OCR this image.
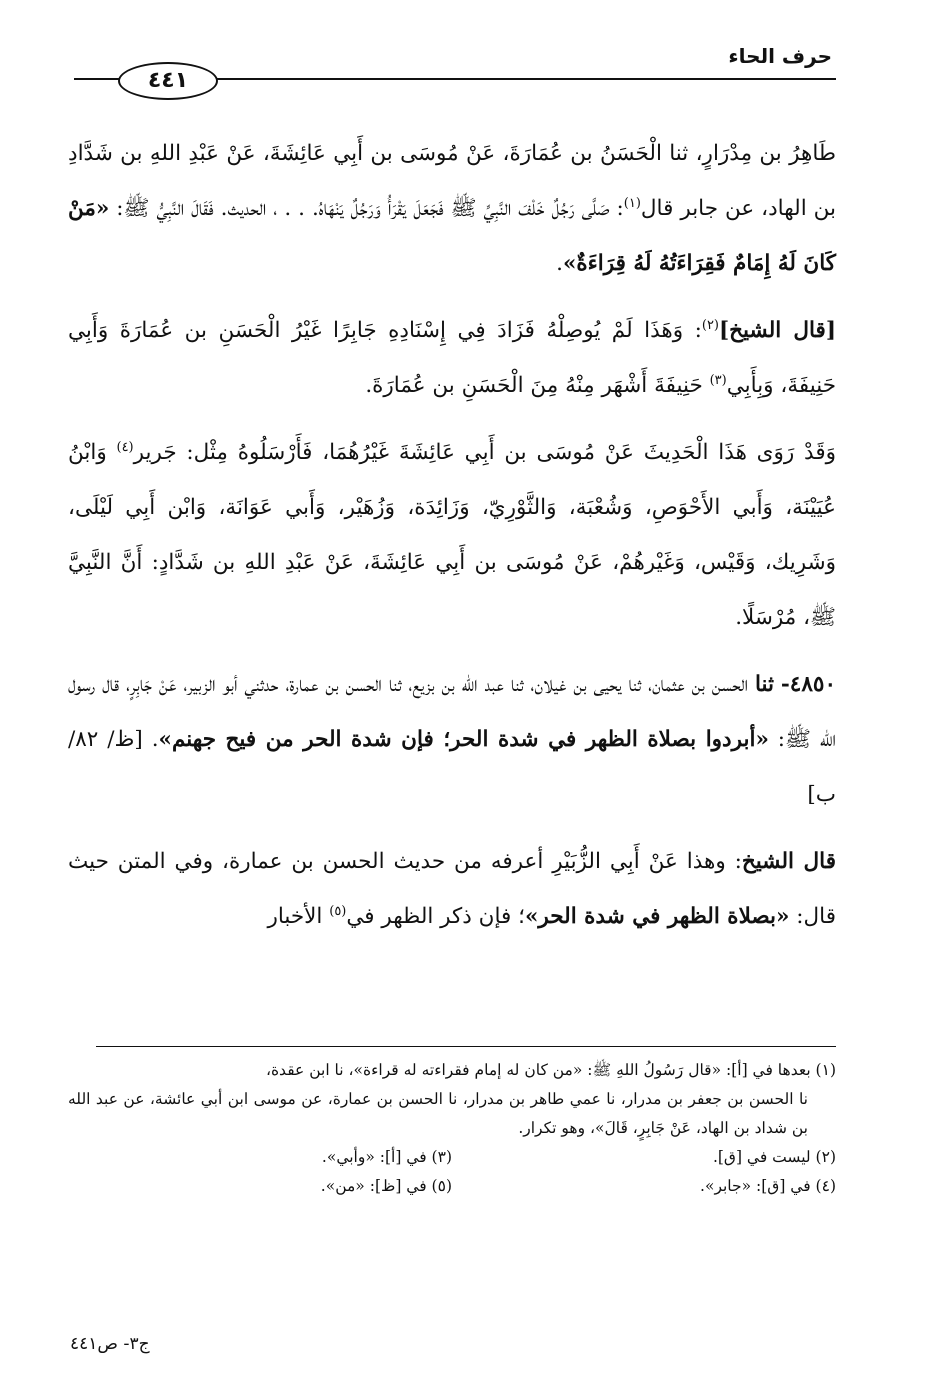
حرف الحاء
٤٤١

طَاهِرُ بن مِدْرَارٍ، ثنا الْحَسَنُ بن عُمَارَةَ، عَنْ مُوسَى بن أَبِي عَائِشَةَ، عَنْ عَبْدِ اللهِ بن شَدَّادِ بن الهاد، عن جابر قال$^{(١)}$: صَلَّى رَجُلٌ خَلْفَ النَّبِيِّ ﷺ فَجَعَلَ يَقْرَأُ وَرَجُلٌ يَنْهَاهُ. . . ، الحديث. فَقَالَ النَّبِيُّ ﷺ: «مَنْ كَانَ لَهُ إِمَامٌ فَقِرَاءَتُهُ لَهُ قِرَاءَةٌ».

[قال الشيخ]$^{(٢)}$: وَهَذَا لَمْ يُوصِلْهُ فَزَادَ فِي إِسْنَادِهِ جَابِرًا غَيْرُ الْحَسَنِ بن عُمَارَةَ وَأَبِي حَنِيفَةَ، وَبِأَبِي$^{(٣)}$ حَنِيفَةَ أَشْهَر مِنْهُ مِنَ الْحَسَنِ بن عُمَارَةَ.

وَقَدْ رَوَى هَذَا الْحَدِيثَ عَنْ مُوسَى بن أَبِي عَائِشَةَ غَيْرُهُمَا، فَأَرْسَلُوهُ مِثْل: جَرير$^{(٤)}$ وَابْنُ عُيَيْنَة، وَأَبي الأَحْوَصِ، وَشُعْبَة، وَالثَّوْرِيّ، وَزَائِدَة، وَزُهَيْر، وَأَبي عَوَانَة، وَابْن أَبِي لَيْلَى، وَشَرِيك، وَقَيْس، وَغَيْرهُمْ، عَنْ مُوسَى بن أَبِي عَائِشَةَ، عَنْ عَبْدِ اللهِ بن شَدَّادٍ: أَنَّ النَّبِيَّ ﷺ، مُرْسَلًا.

٤٨٥٠- ثنا الحسن بن عثمان، ثنا يحيى بن غيلان، ثنا عبد الله بن بزيع، ثنا الحسن بن عمارة، حدثني أبو الزبير، عَنْ جَابِرٍ، قال رسول الله ﷺ: «أبردوا بصلاة الظهر في شدة الحر؛ فإن شدة الحر من فيح جهنم». [ظ/ ٨٢/ ب]

قال الشيخ: وهذا عَنْ أَبِي الزُّبَيْرِ أعرفه من حديث الحسن بن عمارة، وفي المتن حيث قال: «بصلاة الظهر في شدة الحر»؛ فإن ذكر الظهر في$^{(٥)}$ الأخبار

(١) بعدها في [أ]: «قال رَسُولُ اللهِ ﷺ: «من كان له إمام فقراءته له قراءة»، نا ابن عقدة،

نا الحسن بن جعفر بن مدرار، نا عمي طاهر بن مدرار، نا الحسن بن عمارة، عن موسى ابن أبي عائشة، عن عبد الله بن شداد بن الهاد، عَنْ جَابِرٍ، قَالَ»، وهو تكرار.

(٢) ليست في [ق].
(٣) في [أ]: «وأبي».
(٤) في [ق]: «جابر».
(٥) في [ظ]: «من».
ج٣- ص٤٤١
